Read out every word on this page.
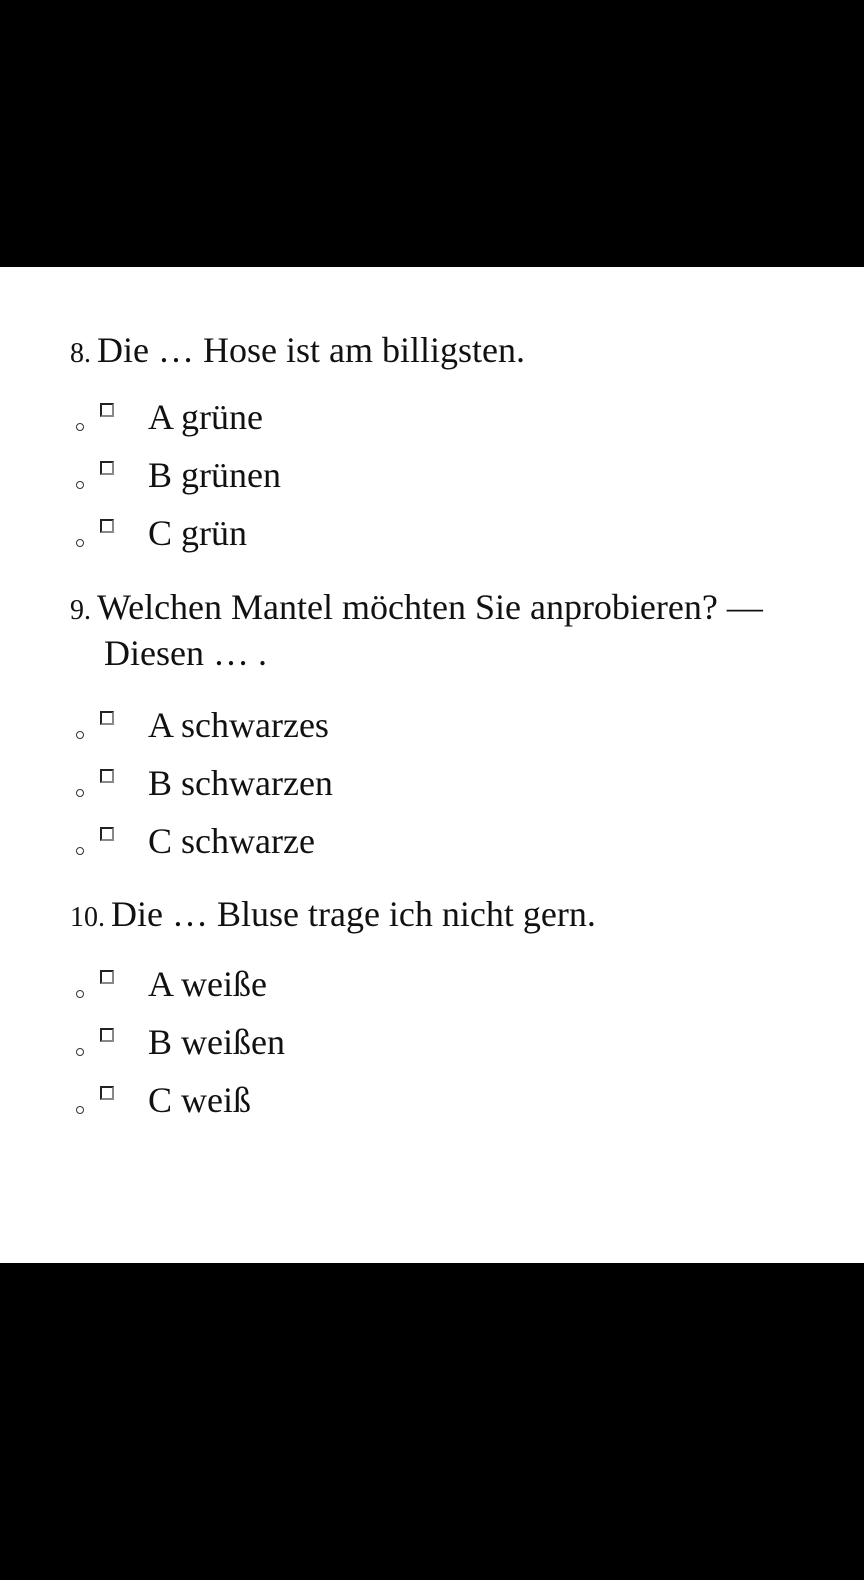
8. Die … Hose ist am billigsten.
A grüne
B grünen
C grün
9. Welchen Mantel möchten Sie anprobieren? —
Diesen … .
A schwarzes
B schwarzen
C schwarze
10. Die … Bluse trage ich nicht gern.
A weiße
B weißen
C weiß
